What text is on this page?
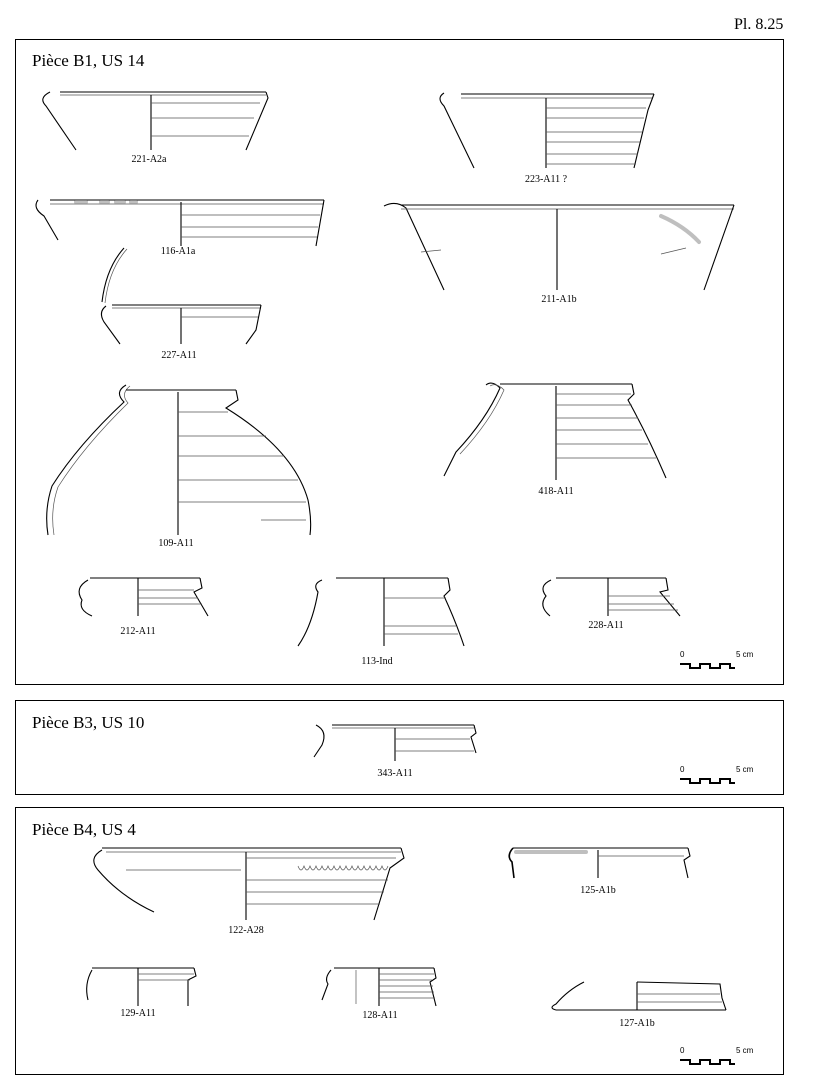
Pl. 8.25
Pièce B1, US 14
221-A2a
223-A11 ?
116-A1a
211-A1b
227-A11
109-A11
418-A11
212-A11
113-Ind
228-A11
0	5 cm
Pièce B3, US 10
343-A11	0	5 cm
Pièce B4, US 4
122-A28
125-A1b
129-A11	128-A11
127-A1b
0	5 cm
